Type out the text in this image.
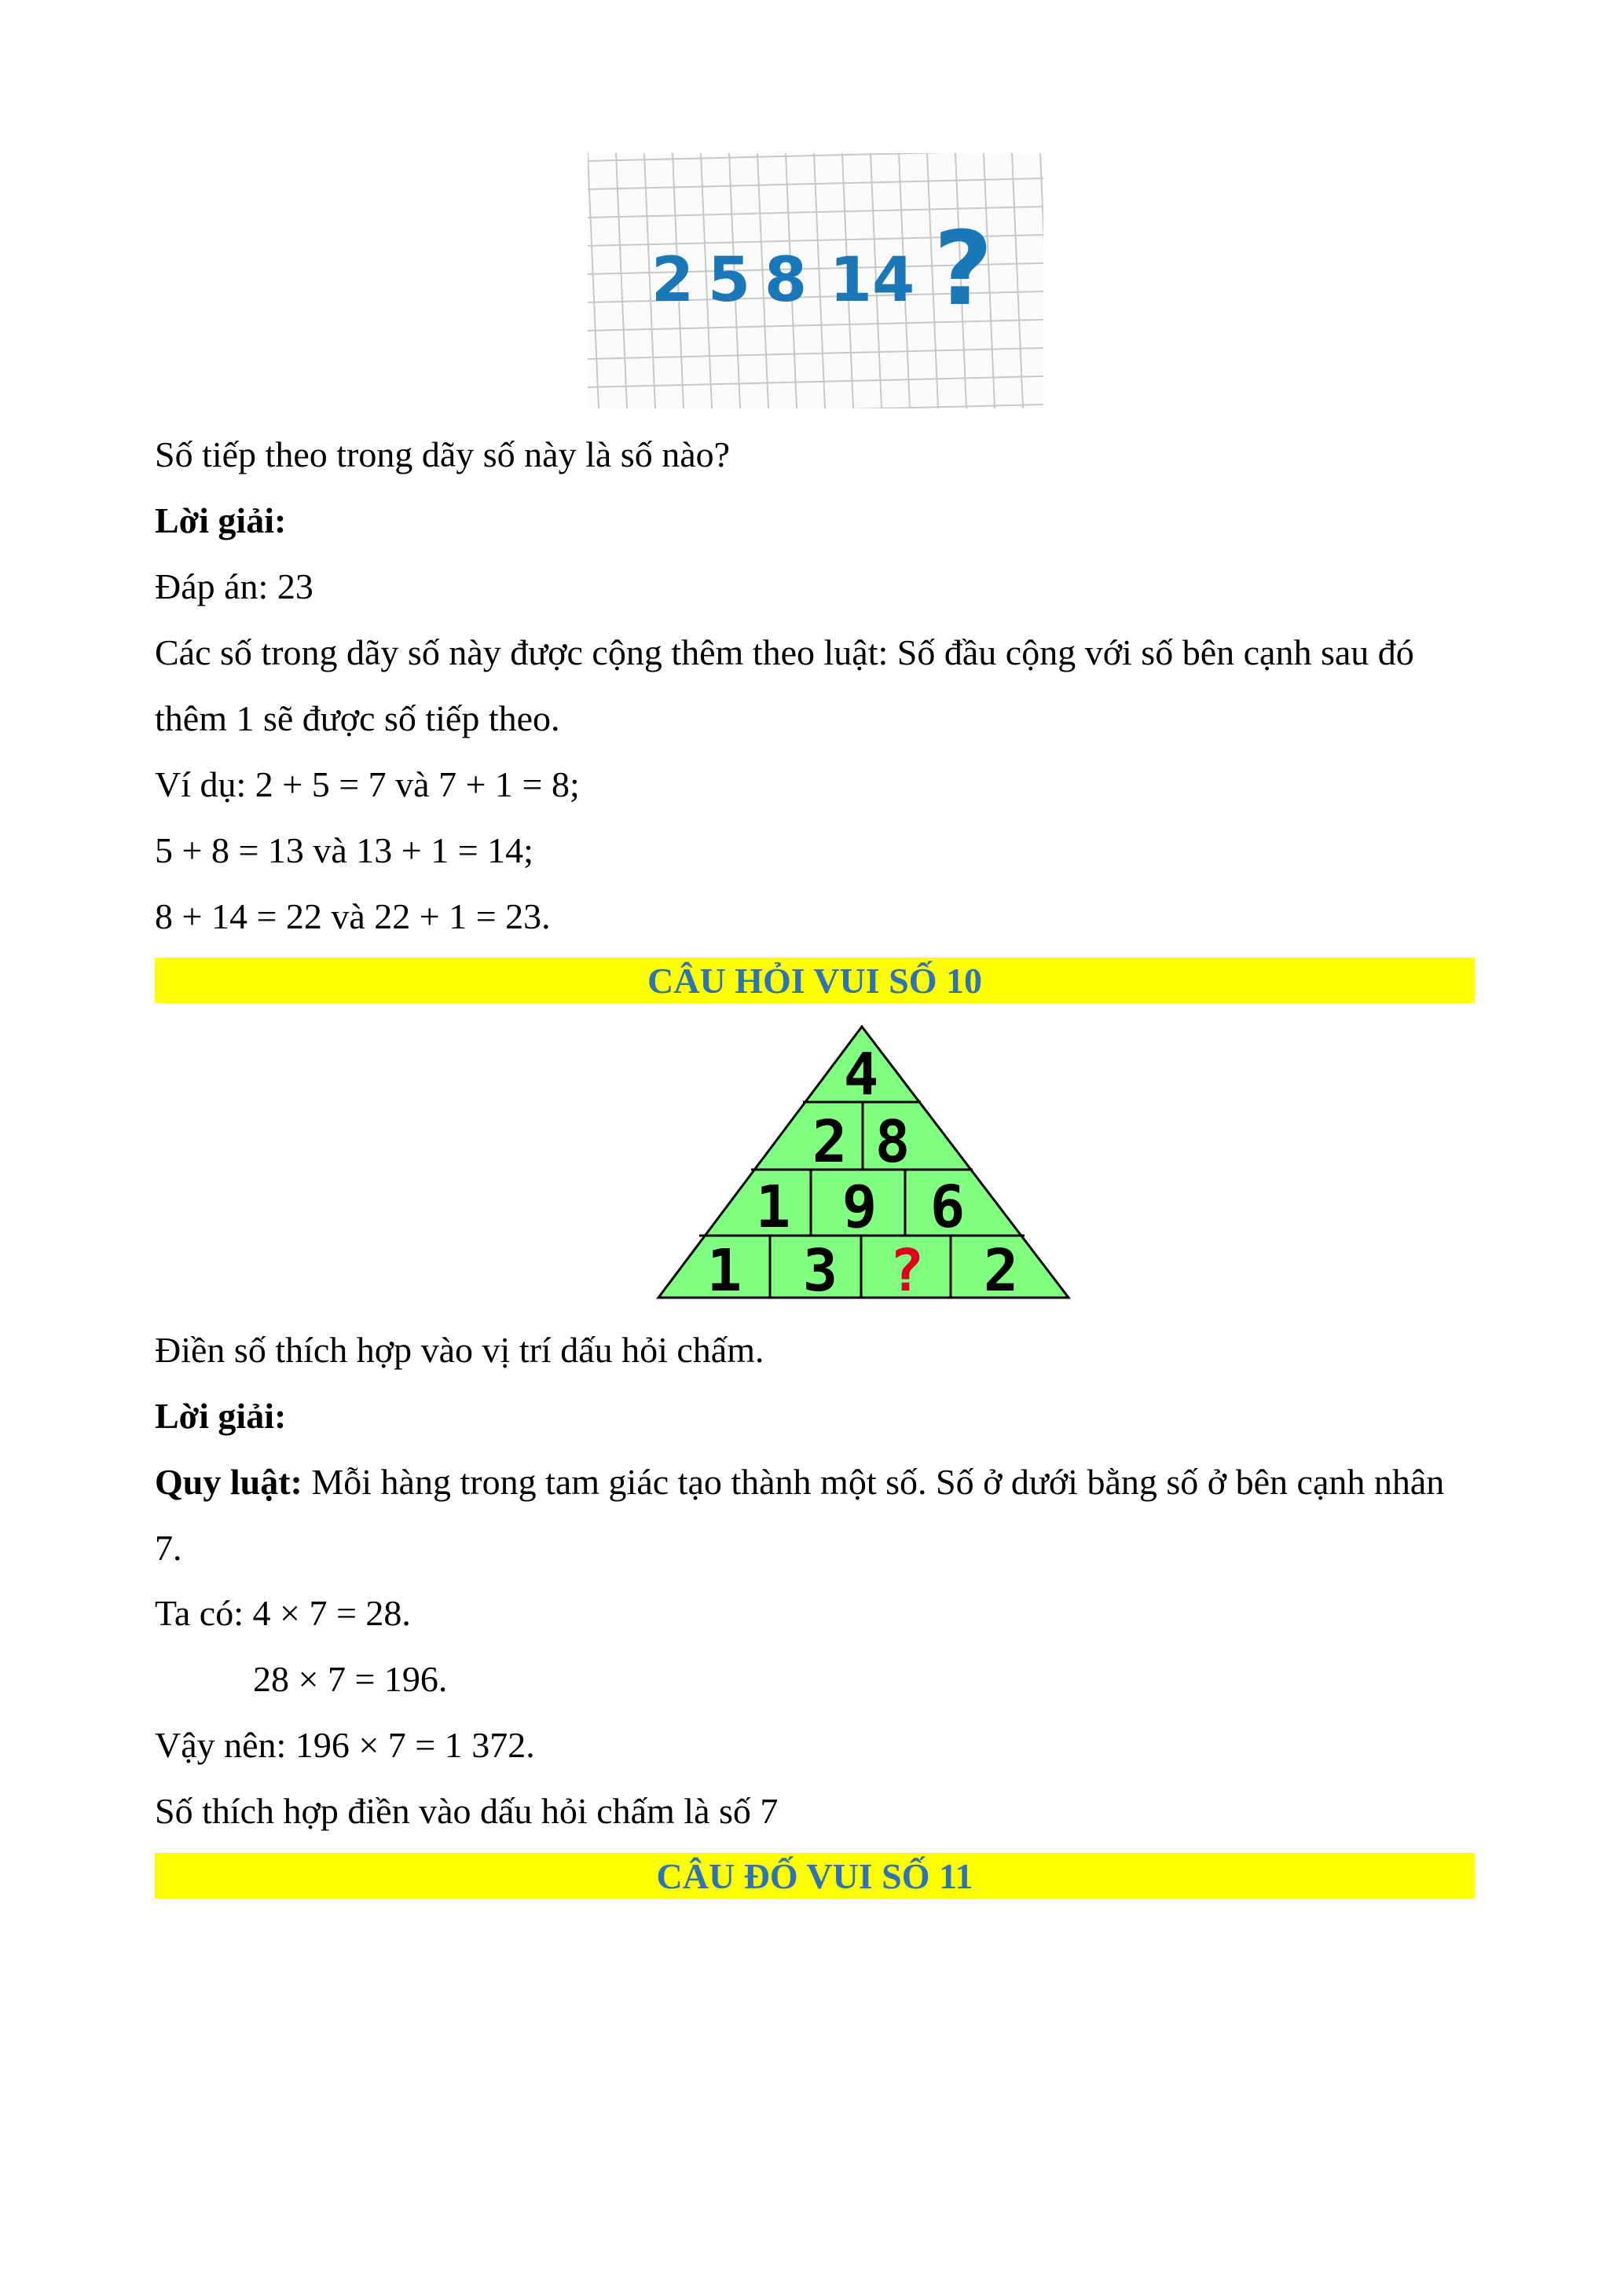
2 5 8 14 ?

Số tiếp theo trong dãy số này là số nào?

Lời giải:

Đáp án: 23

Các số trong dãy số này được cộng thêm theo luật: Số đầu cộng với số bên cạnh sau đó thêm 1 sẽ được số tiếp theo.

Ví dụ: 2 + 5 = 7 và 7 + 1 = 8;

5 + 8 = 13 và 13 + 1 = 14;

8 + 14 = 22 và 22 + 1 = 23.

CÂU HỎI VUI SỐ 10
4
2 8
1 9 6
1 3 ? 2

Điền số thích hợp vào vị trí dấu hỏi chấm.

Lời giải:

Quy luật: Mỗi hàng trong tam giác tạo thành một số. Số ở dưới bằng số ở bên cạnh nhân 7.

Ta có: 4 × 7 = 28.

28 × 7 = 196.

Vậy nên: 196 × 7 = 1 372.

Số thích hợp điền vào dấu hỏi chấm là số 7

CÂU ĐỐ VUI SỐ 11
